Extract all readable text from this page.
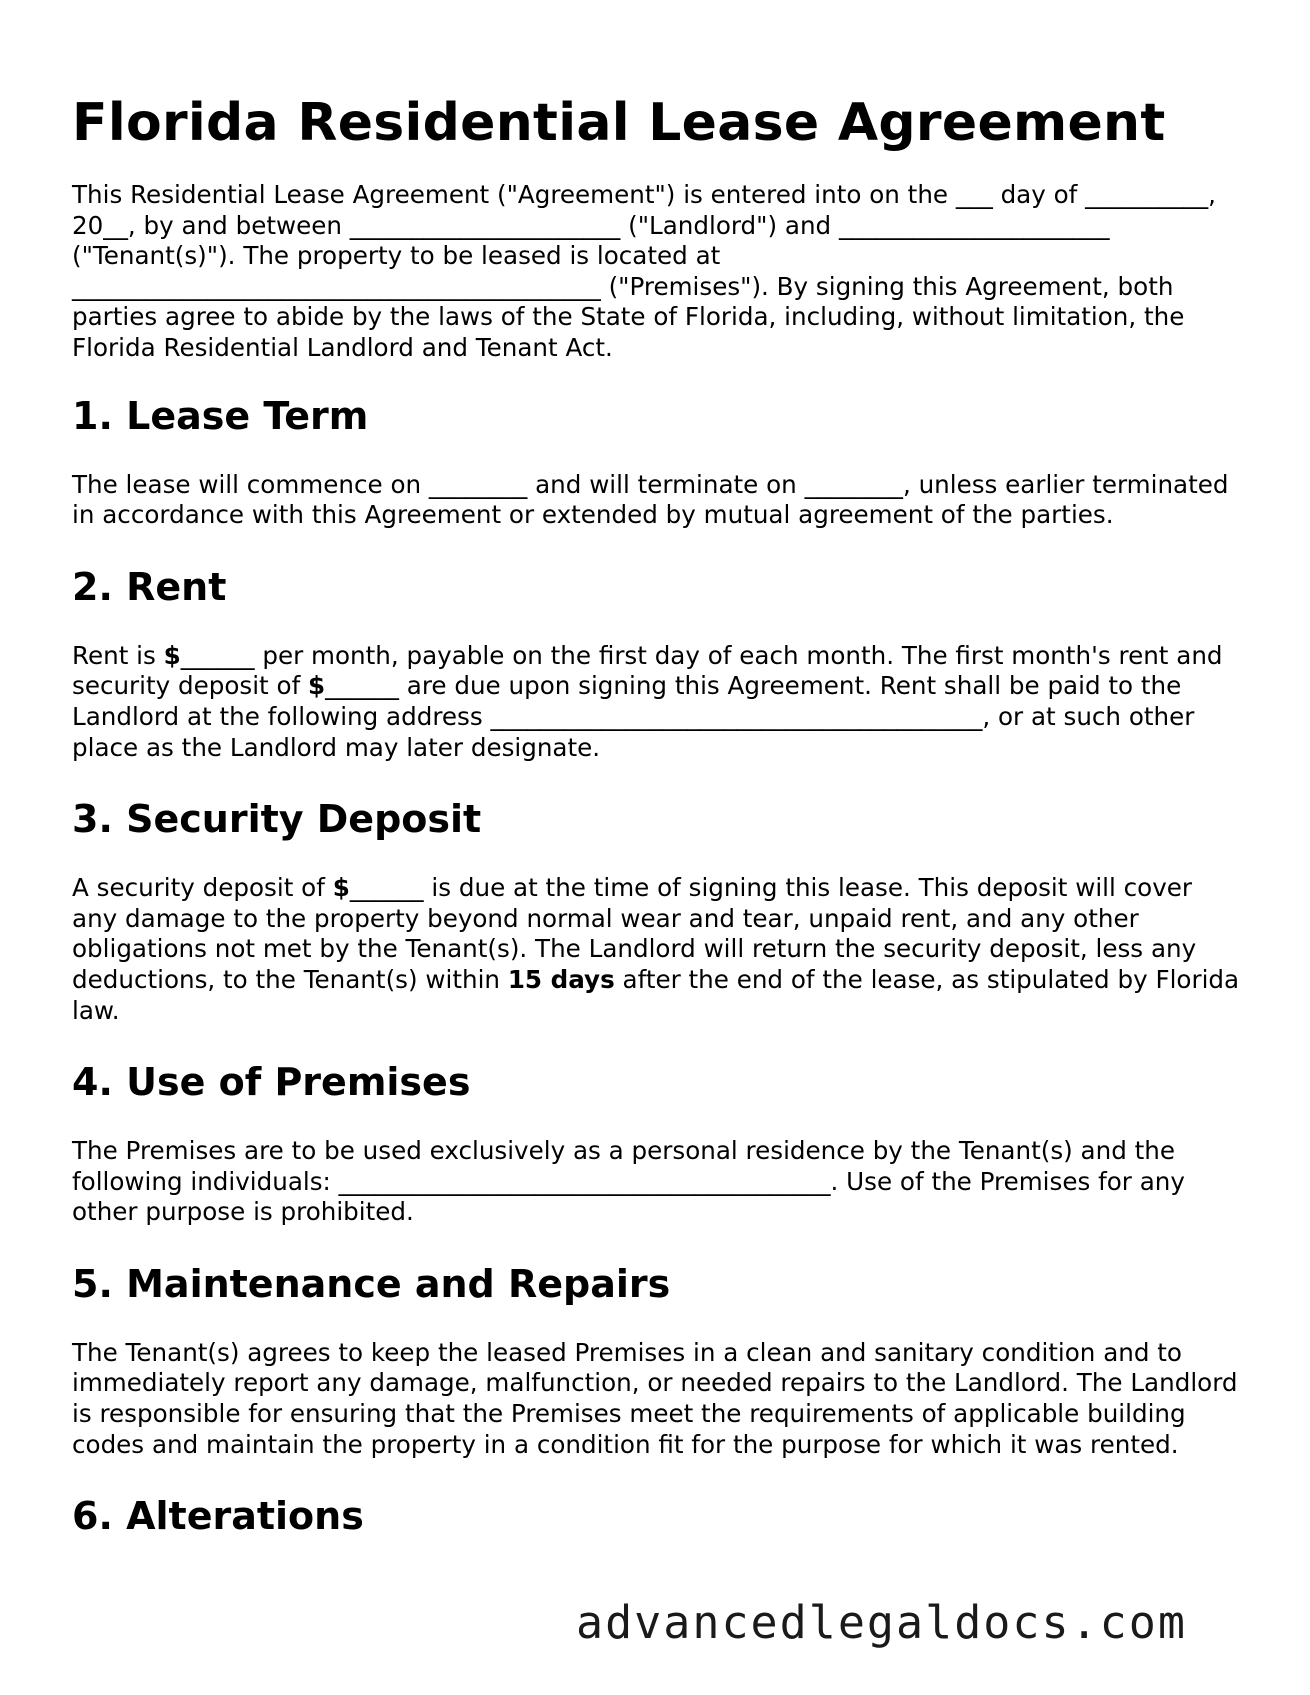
Florida Residential Lease Agreement

This Residential Lease Agreement ("Agreement") is entered into on the ___ day of __________, 20__, by and between ______________________ ("Landlord") and ______________________ ("Tenant(s)"). The property to be leased is located at ___________________________________________ ("Premises"). By signing this Agreement, both parties agree to abide by the laws of the State of Florida, including, without limitation, the Florida Residential Landlord and Tenant Act.

1. Lease Term

The lease will commence on ________ and will terminate on ________, unless earlier terminated in accordance with this Agreement or extended by mutual agreement of the parties.

2. Rent

Rent is $______ per month, payable on the first day of each month. The first month's rent and security deposit of $______ are due upon signing this Agreement. Rent shall be paid to the Landlord at the following address ________________________________________, or at such other place as the Landlord may later designate.

3. Security Deposit

A security deposit of $______ is due at the time of signing this lease. This deposit will cover any damage to the property beyond normal wear and tear, unpaid rent, and any other obligations not met by the Tenant(s). The Landlord will return the security deposit, less any deductions, to the Tenant(s) within 15 days after the end of the lease, as stipulated by Florida law.

4. Use of Premises

The Premises are to be used exclusively as a personal residence by the Tenant(s) and the following individuals: ________________________________________. Use of the Premises for any other purpose is prohibited.

5. Maintenance and Repairs

The Tenant(s) agrees to keep the leased Premises in a clean and sanitary condition and to immediately report any damage, malfunction, or needed repairs to the Landlord. The Landlord is responsible for ensuring that the Premises meet the requirements of applicable building codes and maintain the property in a condition fit for the purpose for which it was rented.

6. Alterations
advancedlegaldocs.com
